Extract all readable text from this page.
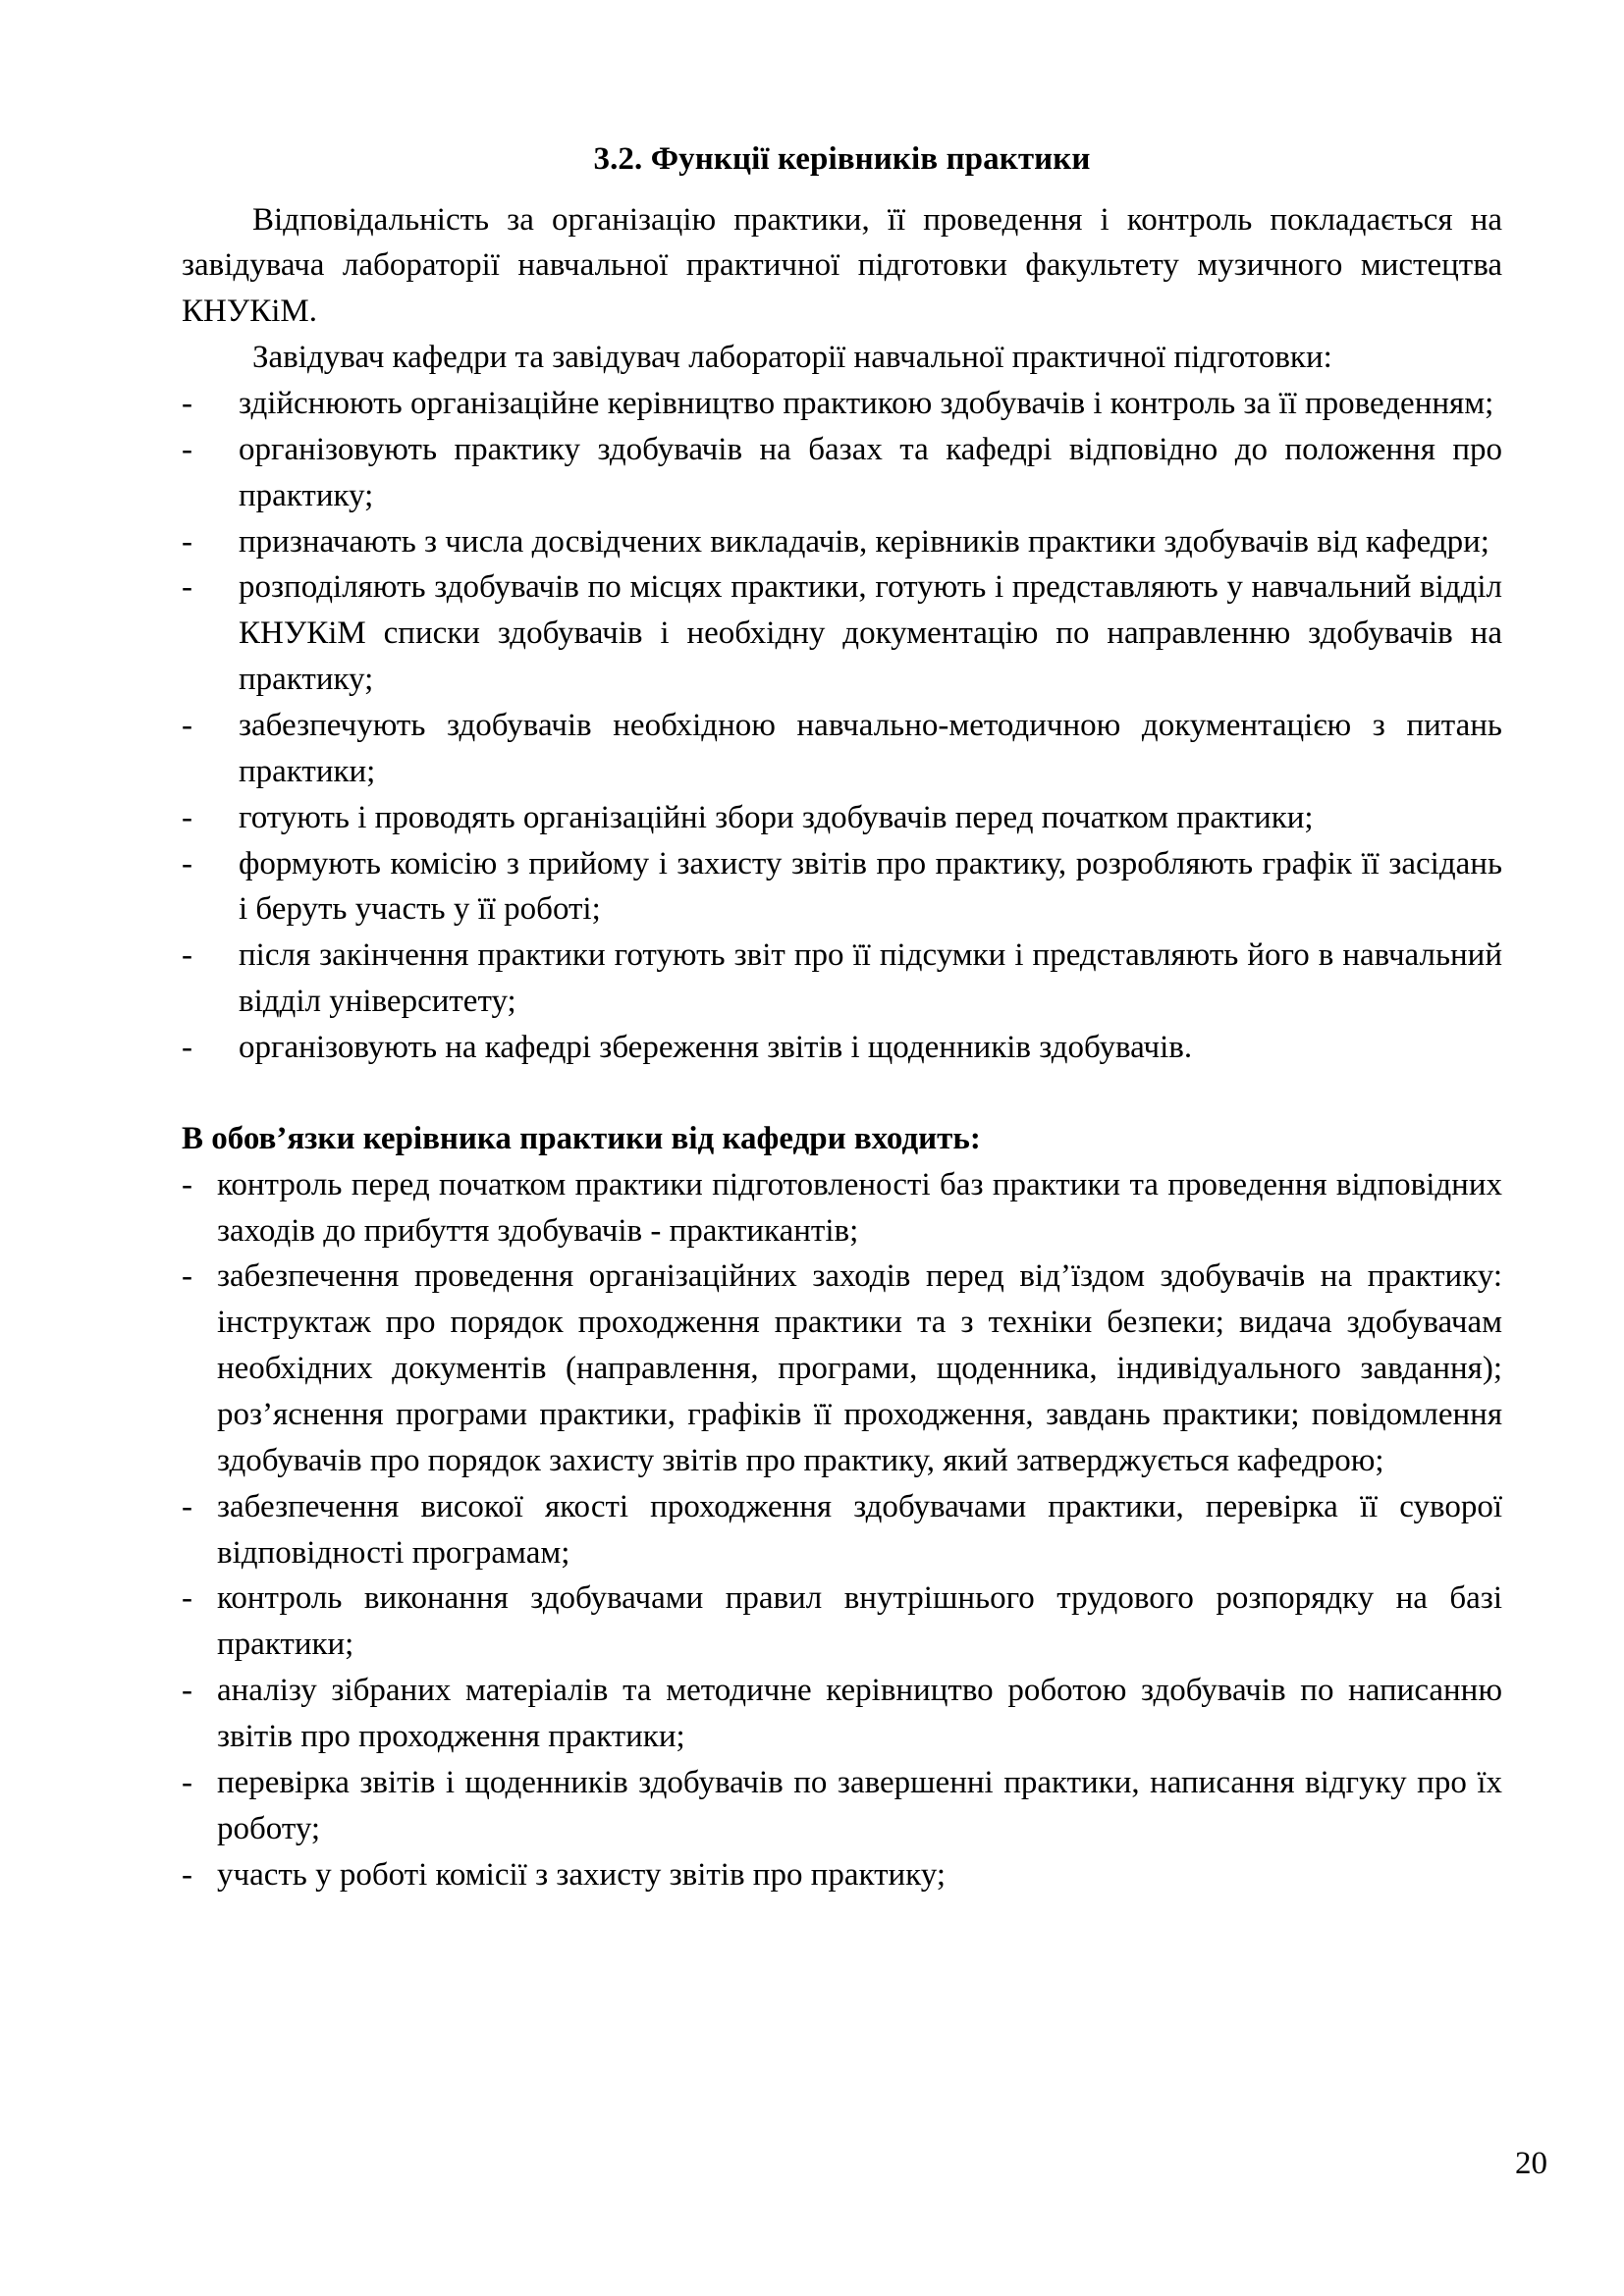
3.2. Функції керівників практики

Відповідальність за організацію практики, її проведення і контроль покладається на завідувача лабораторії навчальної практичної підготовки факультету музичного мистецтва КНУКіМ.

Завідувач кафедри та завідувач лабораторії навчальної практичної підготовки:

- здійснюють організаційне керівництво практикою здобувачів і контроль за її проведенням;
- організовують практику здобувачів на базах та кафедрі відповідно до положення про практику;
- призначають з числа досвідчених викладачів, керівників практики здобувачів від кафедри;
- розподіляють здобувачів по місцях практики, готують і представляють у навчальний відділ КНУКіМ списки здобувачів і необхідну документацію по направленню здобувачів на практику;
- забезпечують здобувачів необхідною навчально-методичною документацією з питань практики;
- готують і проводять організаційні збори здобувачів перед початком практики;
- формують комісію з прийому і захисту звітів про практику, розробляють графік її засідань і беруть участь у її роботі;
- після закінчення практики готують звіт про її підсумки і представляють його в навчальний відділ університету;
- організовують на кафедрі збереження звітів і щоденників здобувачів.

В обов’язки керівника практики від кафедри входить:

- контроль перед початком практики підготовленості баз практики та проведення відповідних заходів до прибуття здобувачів - практикантів;
- забезпечення проведення організаційних заходів перед від’їздом здобувачів на практику: інструктаж про порядок проходження практики та з техніки безпеки; видача здобувачам необхідних документів (направлення, програми, щоденника, індивідуального завдання); роз’яснення програми практики, графіків її проходження, завдань практики; повідомлення здобувачів про порядок захисту звітів про практику, який затверджується кафедрою;
- забезпечення високої якості проходження здобувачами практики, перевірка її суворої відповідності програмам;
- контроль виконання здобувачами правил внутрішнього трудового розпорядку на базі практики;
- аналізу зібраних матеріалів та методичне керівництво роботою здобувачів по написанню звітів про проходження практики;
- перевірка звітів і щоденників здобувачів по завершенні практики, написання відгуку про їх роботу;
- участь у роботі комісії з захисту звітів про практику;
20
